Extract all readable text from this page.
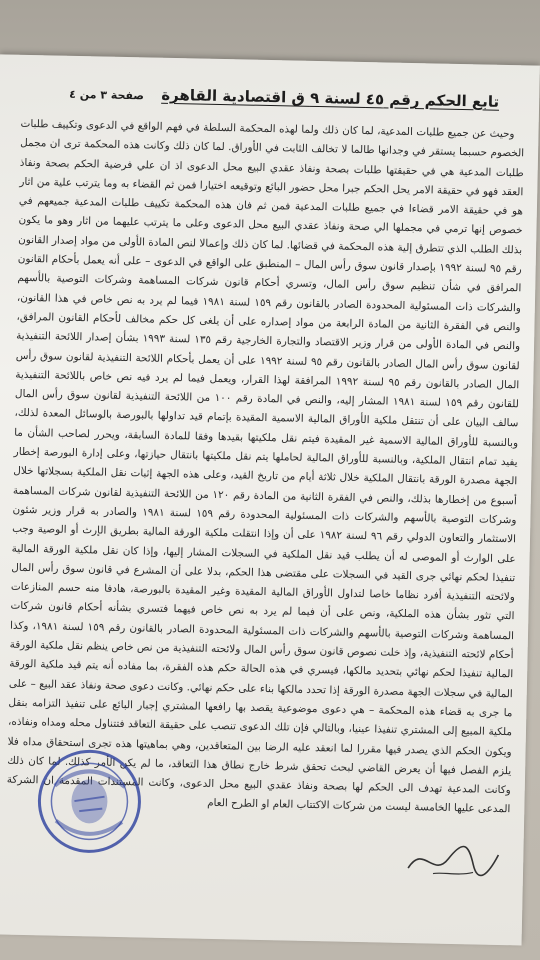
تابع الحكم رقم ٤٥ لسنة ٩ ق اقتصادية القاهرة
صفحة ٣ من ٤

وحيث عن جميع طلبات المدعية، لما كان ذلك ولما لهذه المحكمة السلطة في فهم الواقع في الدعوى وتكييف طلبات الخصوم حسبما يستقر في وجدانها طالما لا تخالف الثابت في الأوراق. لما كان ذلك وكانت هذه المحكمة ترى ان مجمل طلبات المدعية هي في حقيقتها طلبات بصحة ونفاذ عقدي البيع محل الدعوى اذ ان علي فرضية الحكم بصحة ونفاذ العقد فهو في حقيقة الامر يحل الحكم جبرا محل حضور البائع وتوقيعه اختيارا فمن ثم القضاء به وما يترتب علية من اثار هو في حقيقة الامر قضاءا في جميع طلبات المدعية فمن ثم فان هذه المحكمة تكييف طلبات المدعية جميعهم في خصوص إنها ترمي في مجملها الي صحة ونفاذ عقدي البيع محل الدعوى وعلى ما يترتب عليهما من اثار وهو ما يكون بذلك الطلب الذي تتطرق إلية هذه المحكمة في قضائها. لما كان ذلك وإعمالا لنص المادة الأولى من مواد إصدار القانون رقم ٩٥ لسنة ١٩٩٢ بإصدار قانون سوق رأس المال – المنطبق على الواقع في الدعوى – على أنه يعمل بأحكام القانون المرافق في شأن تنظيم سوق رأس المال، وتسري أحكام قانون شركات المساهمة وشركات التوصية بالأسهم والشركات ذات المسئولية المحدودة الصادر بالقانون رقم ١٥٩ لسنة ١٩٨١ فيما لم يرد به نص خاص في هذا القانون، والنص في الفقرة الثانية من المادة الرابعة من مواد إصداره على أن يلغى كل حكم مخالف لأحكام القانون المرافق، والنص في المادة الأولى من قرار وزير الاقتصاد والتجارة الخارجية رقم ١٣٥ لسنة ١٩٩٣ بشأن إصدار اللائحة التنفيذية لقانون سوق رأس المال الصادر بالقانون رقم ٩٥ لسنة ١٩٩٢ على أن يعمل بأحكام اللائحة التنفيذية لقانون سوق رأس المال الصادر بالقانون رقم ٩٥ لسنة ١٩٩٢ المرافقة لهذا القرار، ويعمل فيما لم يرد فيه نص خاص باللائحة التنفيذية للقانون رقم ١٥٩ لسنة ١٩٨١ المشار إليه، والنص في المادة رقم ١٠٠ من اللائحة التنفيذية لقانون سوق رأس المال سالف البيان على أن تنتقل ملكية الأوراق المالية الاسمية المقيدة بإتمام قيد تداولها بالبورصة بالوسائل المعدة لذلك، وبالنسبة للأوراق المالية الاسمية غير المقيدة فيتم نقل ملكيتها بقيدها وفقا للمادة السابقة، ويحرر لصاحب الشأن ما يفيد تمام انتقال الملكية، وبالنسبة للأوراق المالية لحاملها يتم نقل ملكيتها بانتقال حيازتها، وعلى إدارة البورصة إخطار الجهة مصدرة الورقة بانتقال الملكية خلال ثلاثة أيام من تاريخ القيد، وعلى هذه الجهة إثبات نقل الملكية بسجلاتها خلال أسبوع من إخطارها بذلك، والنص في الفقرة الثانية من المادة رقم ١٢٠ من اللائحة التنفيذية لقانون شركات المساهمة وشركات التوصية بالأسهم والشركات ذات المسئولية المحدودة رقم ١٥٩ لسنة ١٩٨١ والصادر به قرار وزير شئون الاستثمار والتعاون الدولي رقم ٩٦ لسنة ١٩٨٢ على أن وإذا انتقلت ملكية الورقة المالية بطريق الإرث أو الوصية وجب على الوارث أو الموصى له أن يطلب قيد نقل الملكية في السجلات المشار إليها، وإذا كان نقل ملكية الورقة المالية تنفيذا لحكم نهائي جرى القيد في السجلات على مقتضى هذا الحكم، بدلا على أن المشرع في قانون سوق رأس المال ولائحته التنفيذية أفرد نظاما خاصا لتداول الأوراق المالية المقيدة وغير المقيدة بالبورصة، هادفا منه حسم المنازعات التي تثور بشأن هذه الملكية، ونص على أن فيما لم يرد به نص خاص فيهما فتسري بشأنه أحكام قانون شركات المساهمة وشركات التوصية بالأسهم والشركات ذات المسئولية المحدودة الصادر بالقانون رقم ١٥٩ لسنة ١٩٨١، وكذا أحكام لائحته التنفيذية، وإذ خلت نصوص قانون سوق رأس المال ولائحته التنفيذية من نص خاص ينظم نقل ملكية الورقة المالية تنفيذا لحكم نهائي بتحديد مالكها، فيسري في هذه الحالة حكم هذه الفقرة، بما مفاده أنه يتم قيد ملكية الورقة المالية في سجلات الجهة مصدرة الورقة إذا تحدد مالكها بناء على حكم نهائي. وكانت دعوى صحة ونفاذ عقد البيع – على ما جرى به قضاء هذه المحكمة – هي دعوى موضوعية يقصد بها رافعها المشتري إجبار البائع على تنفيذ التزامه بنقل ملكية المبيع إلى المشتري تنفيذا عينيا، وبالتالي فإن تلك الدعوى تنصب على حقيقة التعاقد فتتناول محله ومداه ونفاذه، ويكون الحكم الذي يصدر فيها مقررا لما انعقد عليه الرضا بين المتعاقدين، وهي بماهيتها هذه تجرى استحقاق مداه فلا يلزم الفصل فيها أن يعرض القاضي لبحث تحقق شرط خارج نطاق هذا التعاقد، ما لم يكن الأمر كذلك. لما كان ذلك وكانت المدعية تهدف الى الحكم لها بصحة ونفاذ عقدي البيع محل الدعوى، وكانت المستندات المقدمة ان الشركة المدعى عليها الخامسة ليست من شركات الاكتتاب العام او الطرح العام
